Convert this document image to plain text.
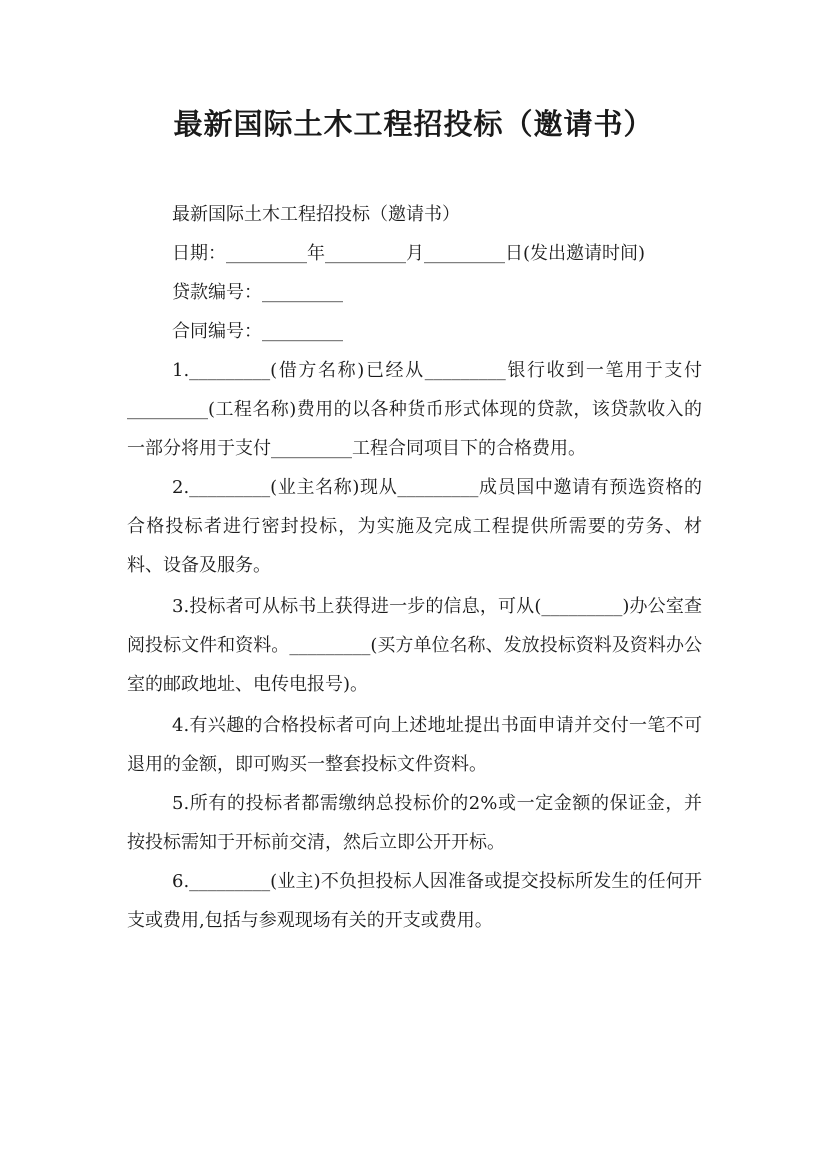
最新国际土木工程招投标（邀请书）

最新国际土木工程招投标（邀请书）

日期：_________年_________月_________日(发出邀请时间)

贷款编号：_________

合同编号：_________

1._________(借方名称)已经从_________银行收到一笔用于支付_________(工程名称)费用的以各种货币形式体现的贷款，该贷款收入的一部分将用于支付_________工程合同项目下的合格费用。

2._________(业主名称)现从_________成员国中邀请有预选资格的合格投标者进行密封投标，为实施及完成工程提供所需要的劳务、材料、设备及服务。

3.投标者可从标书上获得进一步的信息，可从(_________)办公室查阅投标文件和资料。_________(买方单位名称、发放投标资料及资料办公室的邮政地址、电传电报号)。

4.有兴趣的合格投标者可向上述地址提出书面申请并交付一笔不可退用的金额，即可购买一整套投标文件资料。

5.所有的投标者都需缴纳总投标价的2%或一定金额的保证金，并按投标需知于开标前交清，然后立即公开开标。

6._________(业主)不负担投标人因准备或提交投标所发生的任何开支或费用,包括与参观现场有关的开支或费用。
